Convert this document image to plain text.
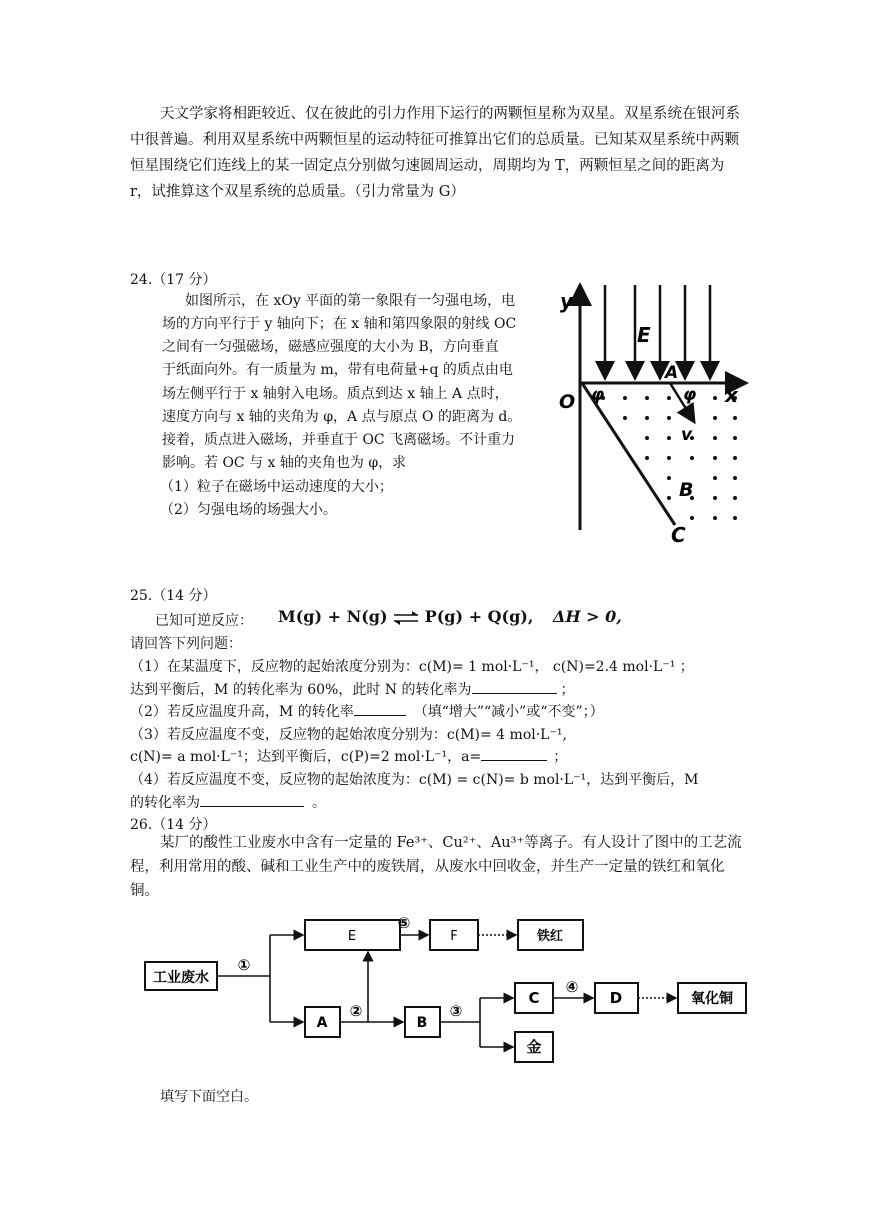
天文学家将相距较近、仅在彼此的引力作用下运行的两颗恒星称为双星。双星系统在银河系中很普遍。利用双星系统中两颗恒星的运动特征可推算出它们的总质量。已知某双星系统中两颗恒星围绕它们连线上的某一固定点分别做匀速圆周运动，周期均为 T，两颗恒星之间的距离为 r，试推算这个双星系统的总质量。（引力常量为 G）
24.（17 分）
如图所示，在 xOy 平面的第一象限有一匀强电场，电
场的方向平行于 y 轴向下；在 x 轴和第四象限的射线 OC
之间有一匀强磁场，磁感应强度的大小为 B，方向垂直
于纸面向外。有一质量为 m，带有电荷量+q 的质点由电
场左侧平行于 x 轴射入电场。质点到达 x 轴上 A 点时，
速度方向与 x 轴的夹角为 φ，A 点与原点 O 的距离为 d。
接着，质点进入磁场，并垂直于 OC 飞离磁场。不计重力
影响。若 OC 与 x 轴的夹角也为 φ，求
（1）粒子在磁场中运动速度的大小；
（2）匀强电场的场强大小。
y
x
O
E
A
φ	φ
v
B
C
25.（14 分）
已知可逆反应： M(g) + N(g) ⇌ P(g) + Q(g), ΔH > 0,
请回答下列问题：
（1）在某温度下，反应物的起始浓度分别为：c(M)= 1 mol·L⁻¹， c(N)=2.4 mol·L⁻¹ ；
达到平衡后，M 的转化率为 60%，此时 N 的转化率为	；
（2）若反应温度升高，M 的转化率	（填“增大”“减小”或“不变”；）
（3）若反应温度不变，反应物的起始浓度分别为：c(M)= 4 mol·L⁻¹,
c(N)= a mol·L⁻¹；达到平衡后，c(P)=2 mol·L⁻¹，a=	；
（4）若反应温度不变，反应物的起始浓度为：c(M) = c(N)= b mol·L⁻¹，达到平衡后，M
的转化率为	。
26.（14 分）
某厂的酸性工业废水中含有一定量的 Fe³⁺、Cu²⁺、Au³⁺等离子。有人设计了图中的工艺流程，利用常用的酸、碱和工业生产中的废铁屑，从废水中回收金，并生产一定量的铁红和氧化铜。
工业废水
E	F	铁红
A	B
C
金
D	氧化铜
①
②	③
④
⑤
填写下面空白。
